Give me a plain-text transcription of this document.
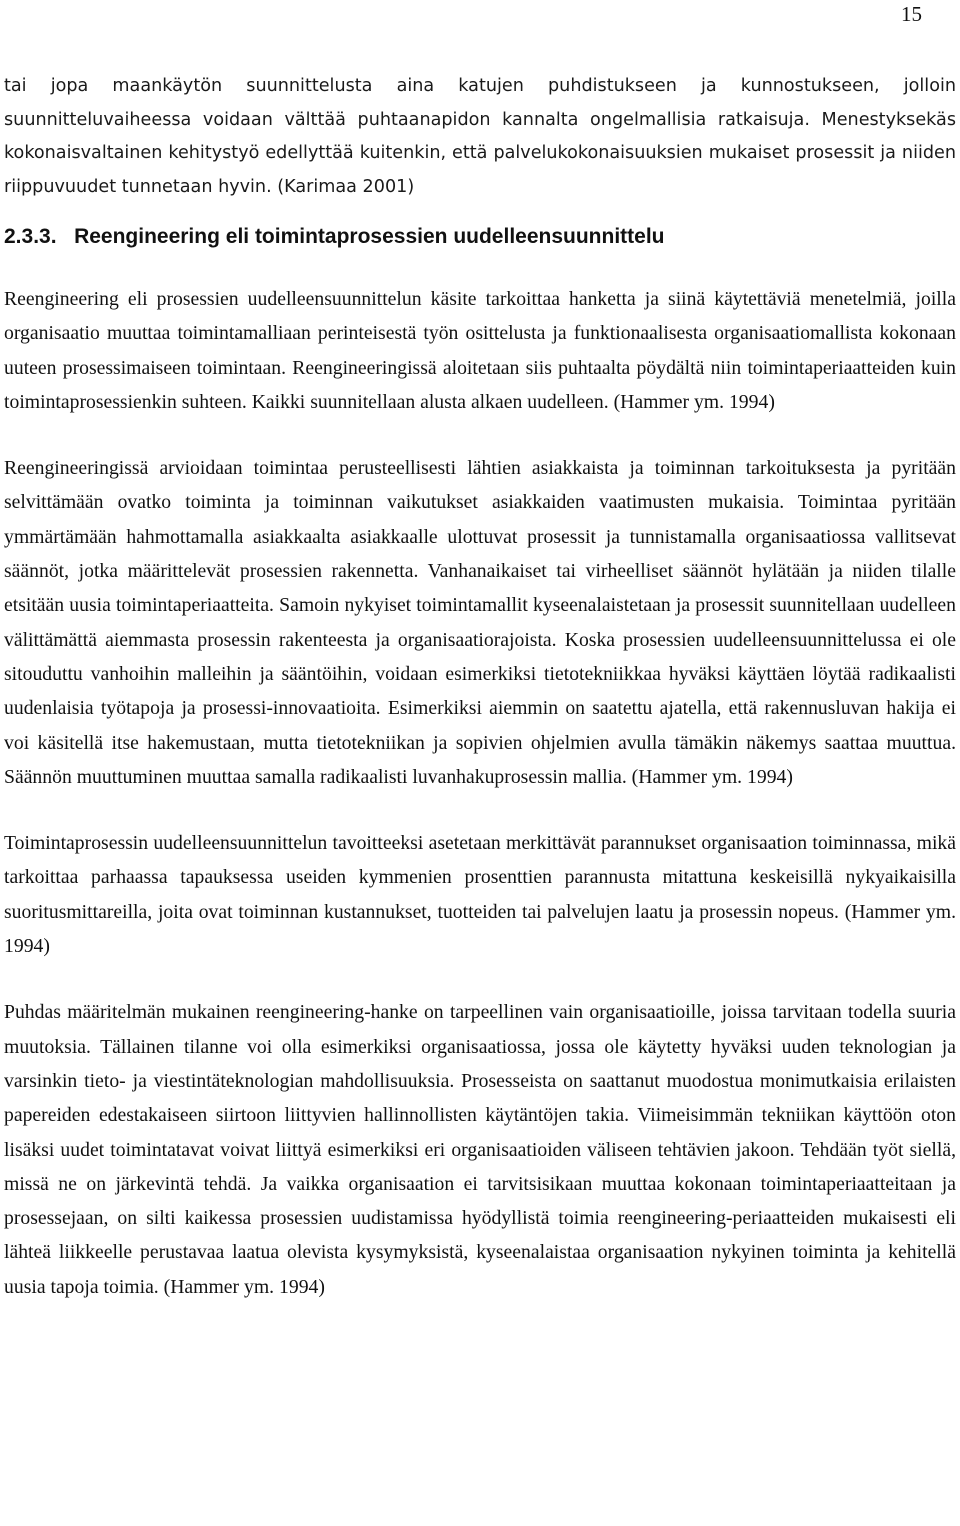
15

tai jopa maankäytön suunnittelusta aina katujen puhdistukseen ja kunnostukseen, jolloin suunnitteluvaiheessa voidaan välttää puhtaanapidon kannalta ongelmallisia ratkaisuja. Menestyksekäs kokonaisvaltainen kehitystyö edellyttää kuitenkin, että palvelukokonaisuuksien mukaiset prosessit ja niiden riippuvuudet tunnetaan hyvin. (Karimaa 2001)

2.3.3. Reengineering eli toimintaprosessien uudelleensuunnittelu

Reengineering eli prosessien uudelleensuunnittelun käsite tarkoittaa hanketta ja siinä käytettäviä menetelmiä, joilla organisaatio muuttaa toimintamalliaan perinteisestä työn osittelusta ja funktionaalisesta organisaatiomallista kokonaan uuteen prosessimaiseen toimintaan. Reengineeringissä aloitetaan siis puhtaalta pöydältä niin toimintaperiaatteiden kuin toimintaprosessienkin suhteen. Kaikki suunnitellaan alusta alkaen uudelleen. (Hammer ym. 1994)

Reengineeringissä arvioidaan toimintaa perusteellisesti lähtien asiakkaista ja toiminnan tarkoituksesta ja pyritään selvittämään ovatko toiminta ja toiminnan vaikutukset asiakkaiden vaatimusten mukaisia. Toimintaa pyritään ymmärtämään hahmottamalla asiakkaalta asiakkaalle ulottuvat prosessit ja tunnistamalla organisaatiossa vallitsevat säännöt, jotka määrittelevät prosessien rakennetta. Vanhanaikaiset tai virheelliset säännöt hylätään ja niiden tilalle etsitään uusia toimintaperiaatteita. Samoin nykyiset toimintamallit kyseenalaistetaan ja prosessit suunnitellaan uudelleen välittämättä aiemmasta prosessin rakenteesta ja organisaatiorajoista. Koska prosessien uudelleensuunnittelussa ei ole sitouduttu vanhoihin malleihin ja sääntöihin, voidaan esimerkiksi tietotekniikkaa hyväksi käyttäen löytää radikaalisti uudenlaisia työtapoja ja prosessi-innovaatioita. Esimerkiksi aiemmin on saatettu ajatella, että rakennusluvan hakija ei voi käsitellä itse hakemustaan, mutta tietotekniikan ja sopivien ohjelmien avulla tämäkin näkemys saattaa muuttua. Säännön muuttuminen muuttaa samalla radikaalisti luvanhakuprosessin mallia. (Hammer ym. 1994)

Toimintaprosessin uudelleensuunnittelun tavoitteeksi asetetaan merkittävät parannukset organisaation toiminnassa, mikä tarkoittaa parhaassa tapauksessa useiden kymmenien prosenttien parannusta mitattuna keskeisillä nykyaikaisilla suoritusmittareilla, joita ovat toiminnan kustannukset, tuotteiden tai palvelujen laatu ja prosessin nopeus. (Hammer ym. 1994)

Puhdas määritelmän mukainen reengineering-hanke on tarpeellinen vain organisaatioille, joissa tarvitaan todella suuria muutoksia. Tällainen tilanne voi olla esimerkiksi organisaatiossa, jossa ole käytetty hyväksi uuden teknologian ja varsinkin tieto- ja viestintäteknologian mahdollisuuksia. Prosesseista on saattanut muodostua monimutkaisia erilaisten papereiden edestakaiseen siirtoon liittyvien hallinnollisten käytäntöjen takia. Viimeisimmän tekniikan käyttöön oton lisäksi uudet toimintatavat voivat liittyä esimerkiksi eri organisaatioiden väliseen tehtävien jakoon. Tehdään työt siellä, missä ne on järkevintä tehdä. Ja vaikka organisaation ei tarvitsisikaan muuttaa kokonaan toimintaperiaatteitaan ja prosessejaan, on silti kaikessa prosessien uudistamissa hyödyllistä toimia reengineering-periaatteiden mukaisesti eli lähteä liikkeelle perustavaa laatua olevista kysymyksistä, kyseenalaistaa organisaation nykyinen toiminta ja kehitellä uusia tapoja toimia. (Hammer ym. 1994)
